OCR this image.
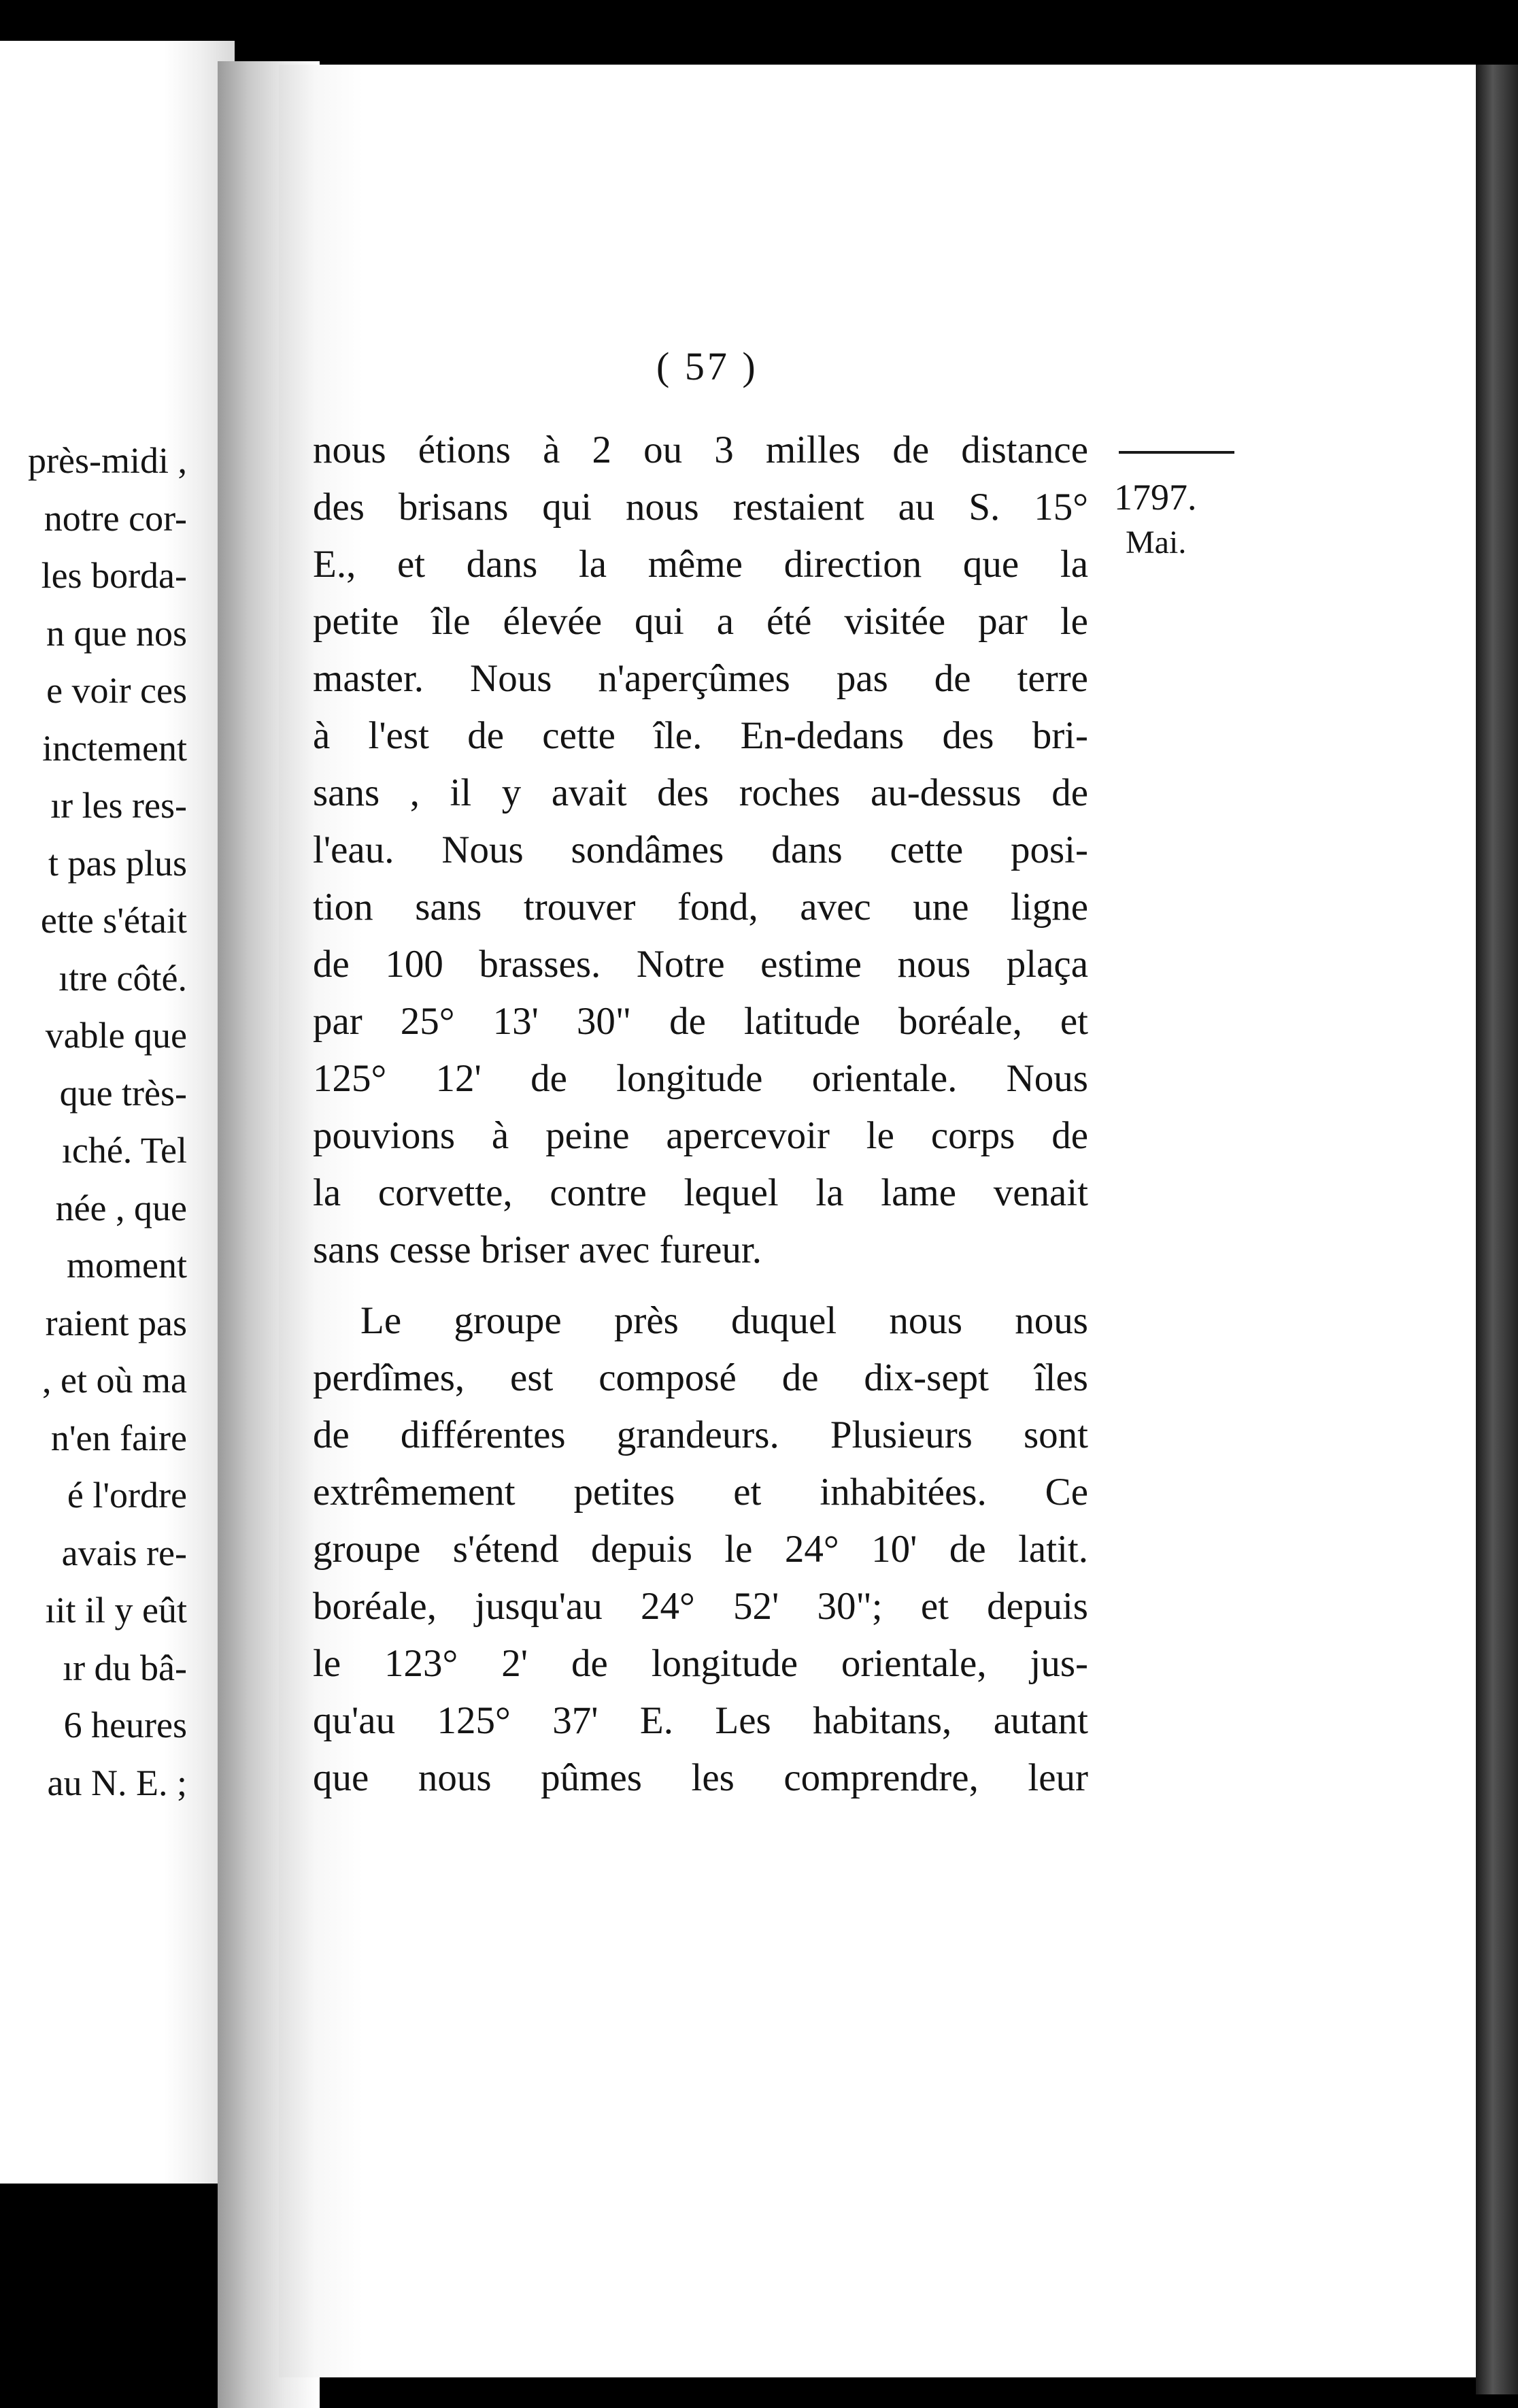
près-midi ,
notre cor-
les borda-
n que nos
e voir ces
inctement
ır les res-
t pas plus
ette s'était
ıtre côté.
vable que
que très-
ıché. Tel
née , que
moment
raient pas
, et où ma
n'en faire
é l'ordre
avais re-
ıit il y eût
ır du bâ-
6 heures
au N. E. ;
( 57 )
1797.
Mai.
nous étions à 2 ou 3 milles de distance
des brisans qui nous restaient au S. 15°
E., et dans la même direction que la
petite île élevée qui a été visitée par le
master. Nous n'aperçûmes pas de terre
à l'est de cette île. En-dedans des bri-
sans , il y avait des roches au-dessus de
l'eau. Nous sondâmes dans cette posi-
tion sans trouver fond, avec une ligne
de 100 brasses. Notre estime nous plaça
par 25° 13' 30" de latitude boréale, et
125° 12' de longitude orientale. Nous
pouvions à peine apercevoir le corps de
la corvette, contre lequel la lame venait
sans cesse briser avec fureur.
Le groupe près duquel nous nous
perdîmes, est composé de dix-sept îles
de différentes grandeurs. Plusieurs sont
extrêmement petites et inhabitées. Ce
groupe s'étend depuis le 24° 10' de latit.
boréale, jusqu'au 24° 52' 30"; et depuis
le 123° 2' de longitude orientale, jus-
qu'au 125° 37' E. Les habitans, autant
que nous pûmes les comprendre, leur
